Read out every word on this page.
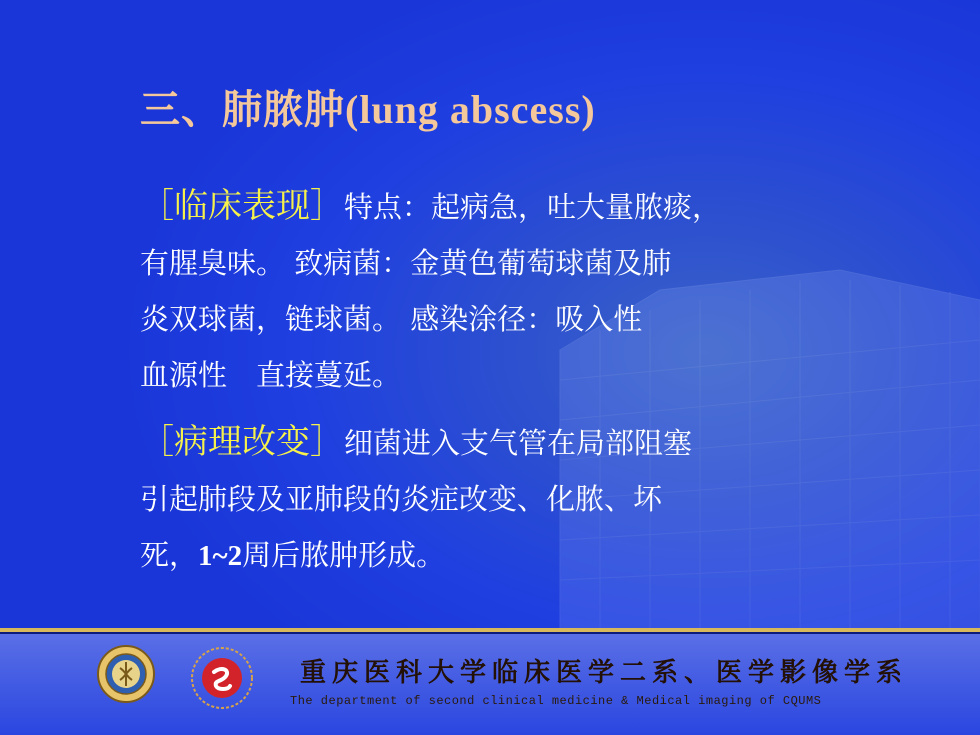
三、肺脓肿(lung abscess)
［临床表现］特点：起病急，吐大量脓痰，
有腥臭味。 致病菌：金黄色葡萄球菌及肺
炎双球菌，链球菌。 感染涂径：吸入性
血源性　直接蔓延。
［病理改变］细菌进入支气管在局部阻塞
引起肺段及亚肺段的炎症改变、化脓、坏
死，1~2周后脓肿形成。
重庆医科大学临床医学二系、医学影像学系
The department of second clinical medicine & Medical imaging of CQUMS
